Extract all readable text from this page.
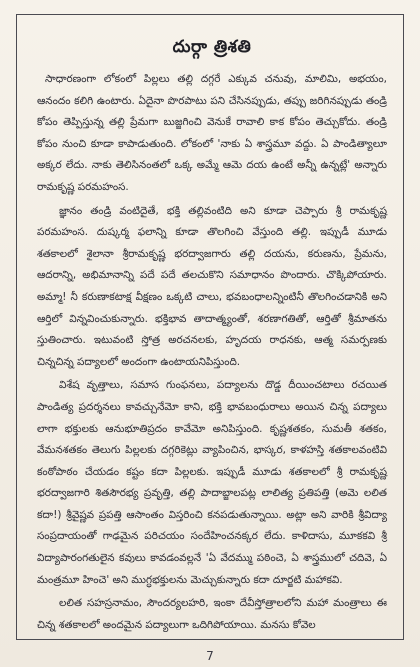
దుర్గా త్రిశతి

సాధారణంగా లోకంలో పిల్లలు తల్లి దగ్గరే ఎక్కువ చనువు, మాలిమి, అభయం, ఆనందం కలిగి ఉంటారు. ఏదైనా పొరపాటు పని చేసినప్పుడు, తప్పు జరిగినప్పుడు తండ్రి కోపం తెప్పిస్తున్న తల్లి ప్రేమగా బుజ్జగించి వెనుకే రావాలి కాక కోపం తెచ్చుకోదు. తండ్రి కోపం నుంచి కూడా కాపాడుతుంది. లోకంలో 'నాకు ఏ శాస్త్రమూ వద్దు. ఏ పాండిత్యాలూ అక్కర లేదు. నాకు తెలిసినంతలో ఒక్క అమ్మే ఆమె దయ ఉంటే అన్నీ ఉన్నట్లే' అన్నారు రామకృష్ణ పరమహంస.

జ్ఞానం తండ్రి వంటిదైతే, భక్తి తల్లివంటిది అని కూడా చెప్పారు శ్రీ రామకృష్ణ పరమహంస. దుష్కర్మ ఫలాన్ని కూడా తొలగించి వేస్తుంది తల్లి. ఇప్పుడీ మూడు శతకాలలో శైలానా శ్రీరామకృష్ణ భరద్వాజగారు తల్లి దయను, కరుణను, ప్రేమను, ఆదరాన్ని, అభిమానాన్ని పదే పదే తలచుకొని సమాధానం పొందారు. చొక్కిపోయారు. అమ్మా! నీ కరుణాకటాక్ష వీక్షణం ఒక్కటి చాలు, భవబంధాలన్నింటినీ తొలగించడానికి అని ఆర్తిలో విన్నవించుకున్నారు. భక్తిభావ తాదాత్మ్యంతో, శరణాగతితో, ఆర్తితో శ్రీమాతను స్తుతించారు. ఇటువంటి స్తోత్ర అరచనలకు, హృదయ రాధనకు, ఆత్మ సమర్పణకు చిన్నచిన్న పద్యాలలో అందంగా ఉంటాయనిపిస్తుంది.

విశేష వృత్తాలు, సమాస గుంఫనలు, పద్యాలను దొడ్డ దీయించటాలు రచయిత పాండిత్య ప్రదర్శనలు కావచ్చునేమో కాని, భక్తి భావబంధురాలు అయిన చిన్న పద్యాలు లాగా భక్తులకు ఆనుభూతిప్రదం కావేమో అనిపిస్తుంది. కృష్ణశతకం, సుమతీ శతకం, వేమనశతకం తెలుగు పిల్లలకు దగ్గరికెట్లు వ్యాపించిన, భాస్కర, కాళహస్తి శతకాలవంటివి కంఠోపాఠం చేయడం కష్టం కదా పిల్లలకు. ఇప్పుడీ మూడు శతకాలలో శ్రీ రామకృష్ణ భరద్వాజగారి శితసౌరభ్య ప్రవృత్తి, తల్లి పాదాబ్జాలపట్ల లాలిత్య ప్రతిపత్తి (అమె లలిత కదా!) శ్రీవైష్ణవ ప్రపత్తి ఆసాంతం విస్తరించి కనపడుతున్నాయి. అట్లా అని వారికి శ్రీవిద్యా సంప్రదాయంతో గాఢమైన పరిచయం సందేహించనక్కర లేదు. కాళిదాసు, మూకకవి శ్రీ విద్యాపారంగతులైన కవులు కావడంవల్లనే 'ఏ వేదమ్ము పఠించె, ఏ శాస్త్రములో చదివె, ఏ మంత్రమూ హించె' అని ముగ్ధభక్తులను మెచ్చుకున్నారు కదా దూర్జటి మహాకవి.

లలిత సహస్రనామం, సౌందర్యలహరి, ఇంకా దేవీస్తోత్రాలలోని మహా మంత్రాలు ఈ చిన్న శతకాలలో అందమైన పద్యాలుగా ఒదిగిపోయాయి. మనసు కోవెల

7
